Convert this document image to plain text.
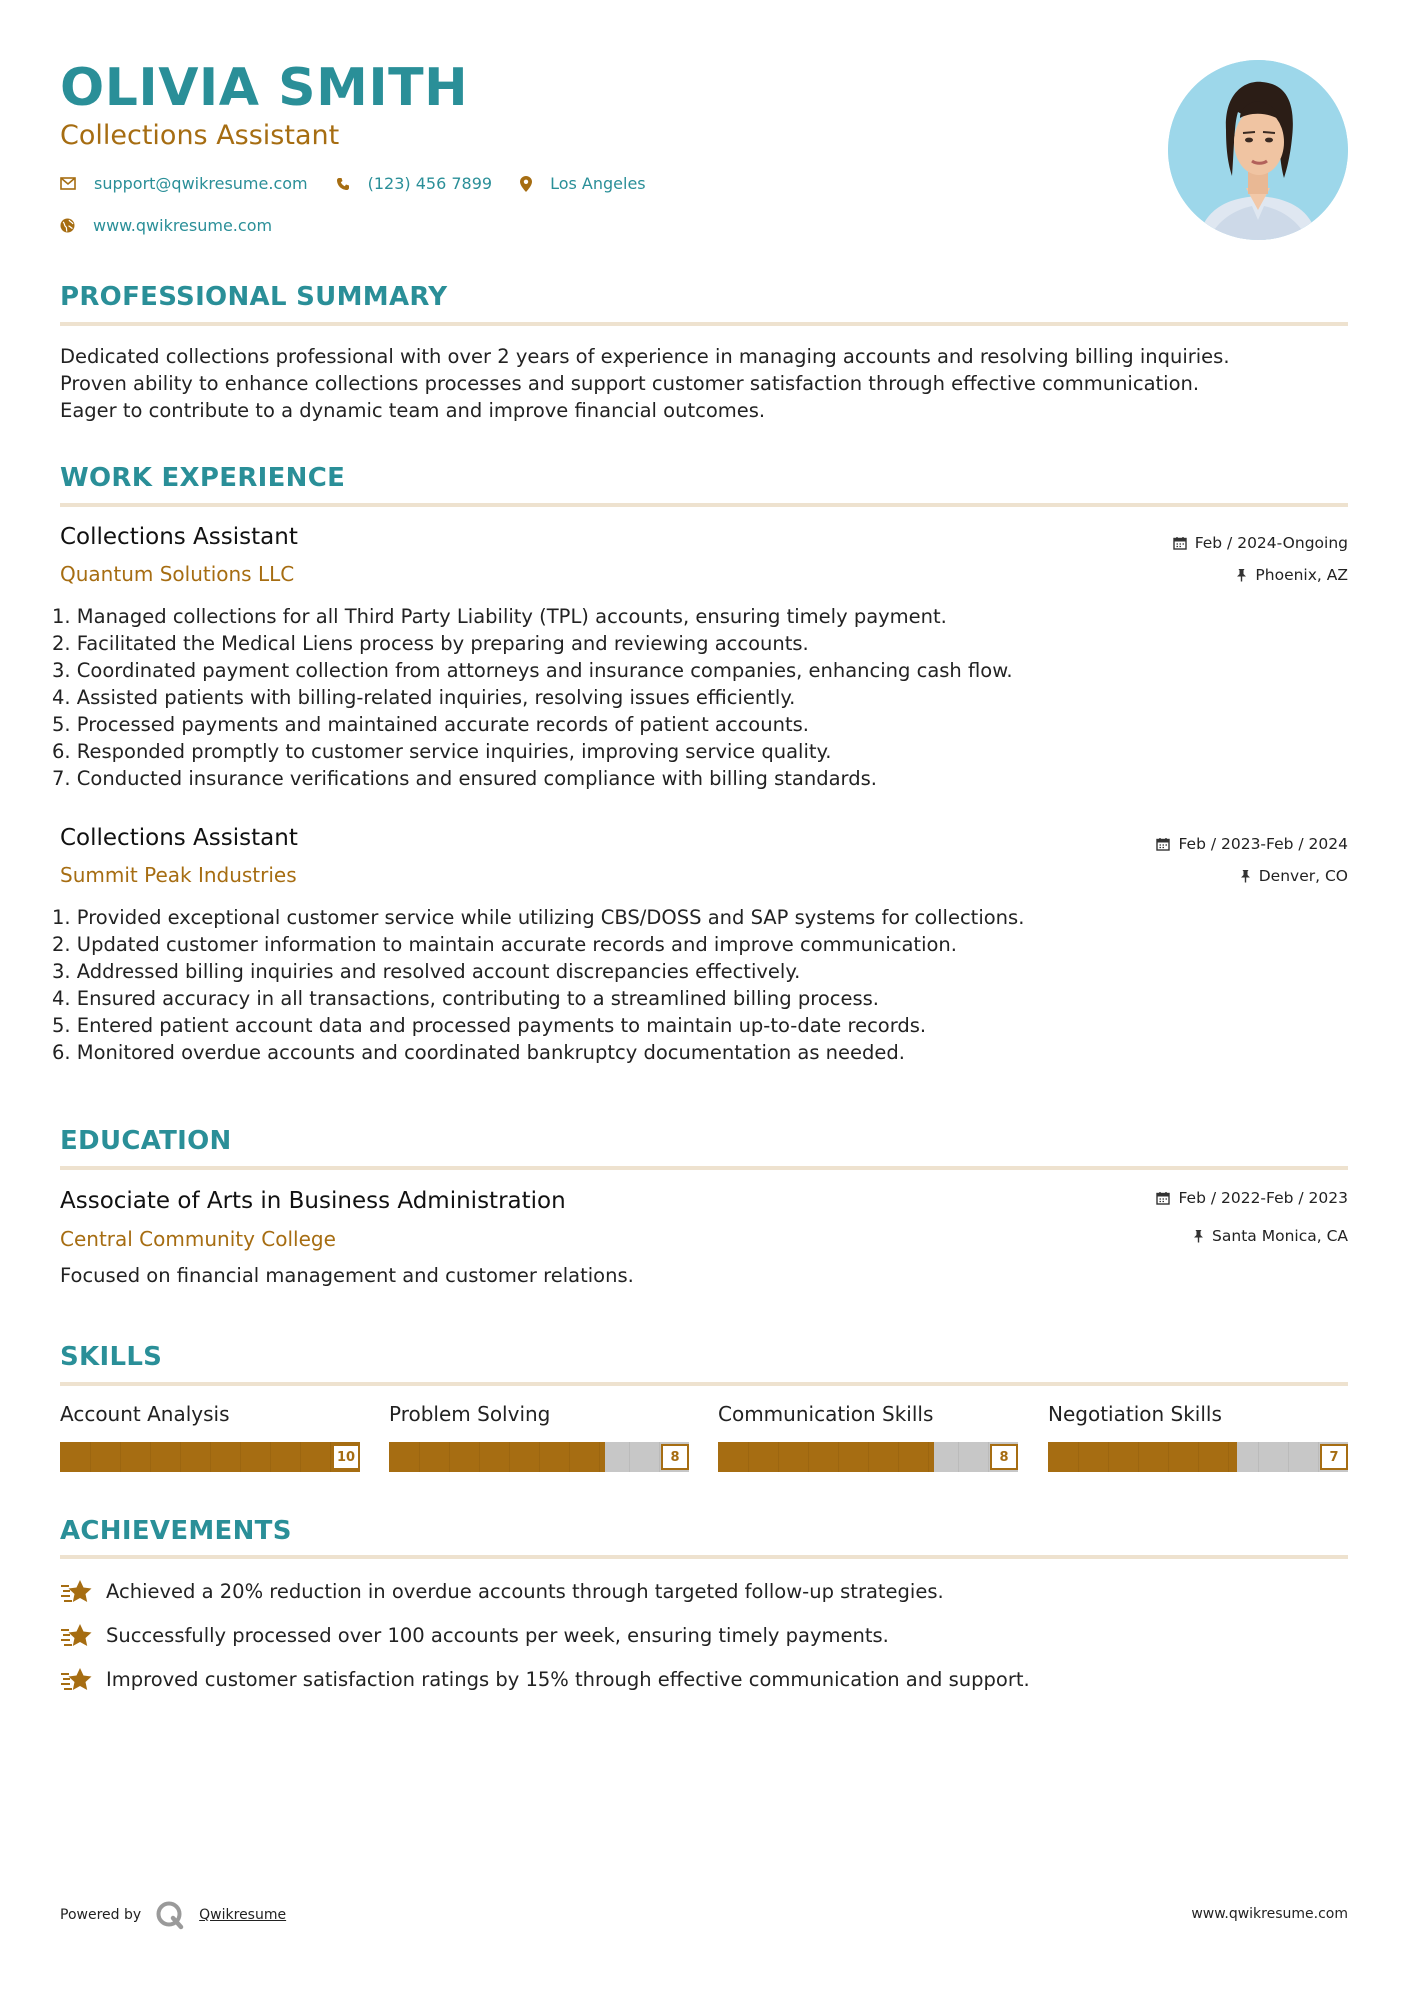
OLIVIA SMITH
Collections Assistant
support@qwikresume.com	(123) 456 7899	Los Angeles
www.qwikresume.com
PROFESSIONAL SUMMARY
Dedicated collections professional with over 2 years of experience in managing accounts and resolving billing inquiries.
Proven ability to enhance collections processes and support customer satisfaction through effective communication.
Eager to contribute to a dynamic team and improve financial outcomes.
WORK EXPERIENCE
Collections Assistant
Quantum Solutions LLC
Feb / 2024-Ongoing
Phoenix, AZ
1. Managed collections for all Third Party Liability (TPL) accounts, ensuring timely payment.
2. Facilitated the Medical Liens process by preparing and reviewing accounts.
3. Coordinated payment collection from attorneys and insurance companies, enhancing cash flow.
4. Assisted patients with billing-related inquiries, resolving issues efficiently.
5. Processed payments and maintained accurate records of patient accounts.
6. Responded promptly to customer service inquiries, improving service quality.
7. Conducted insurance verifications and ensured compliance with billing standards.
Collections Assistant
Summit Peak Industries
Feb / 2023-Feb / 2024
Denver, CO
1. Provided exceptional customer service while utilizing CBS/DOSS and SAP systems for collections.
2. Updated customer information to maintain accurate records and improve communication.
3. Addressed billing inquiries and resolved account discrepancies effectively.
4. Ensured accuracy in all transactions, contributing to a streamlined billing process.
5. Entered patient account data and processed payments to maintain up-to-date records.
6. Monitored overdue accounts and coordinated bankruptcy documentation as needed.
EDUCATION
Associate of Arts in Business Administration
Central Community College
Feb / 2022-Feb / 2023
Santa Monica, CA
Focused on financial management and customer relations.
SKILLS
Account Analysis
10
Problem Solving
8
Communication Skills
8
Negotiation Skills
7
ACHIEVEMENTS
Achieved a 20% reduction in overdue accounts through targeted follow-up strategies.
Successfully processed over 100 accounts per week, ensuring timely payments.
Improved customer satisfaction ratings by 15% through effective communication and support.
Powered by	Qwikresume	www.qwikresume.com
